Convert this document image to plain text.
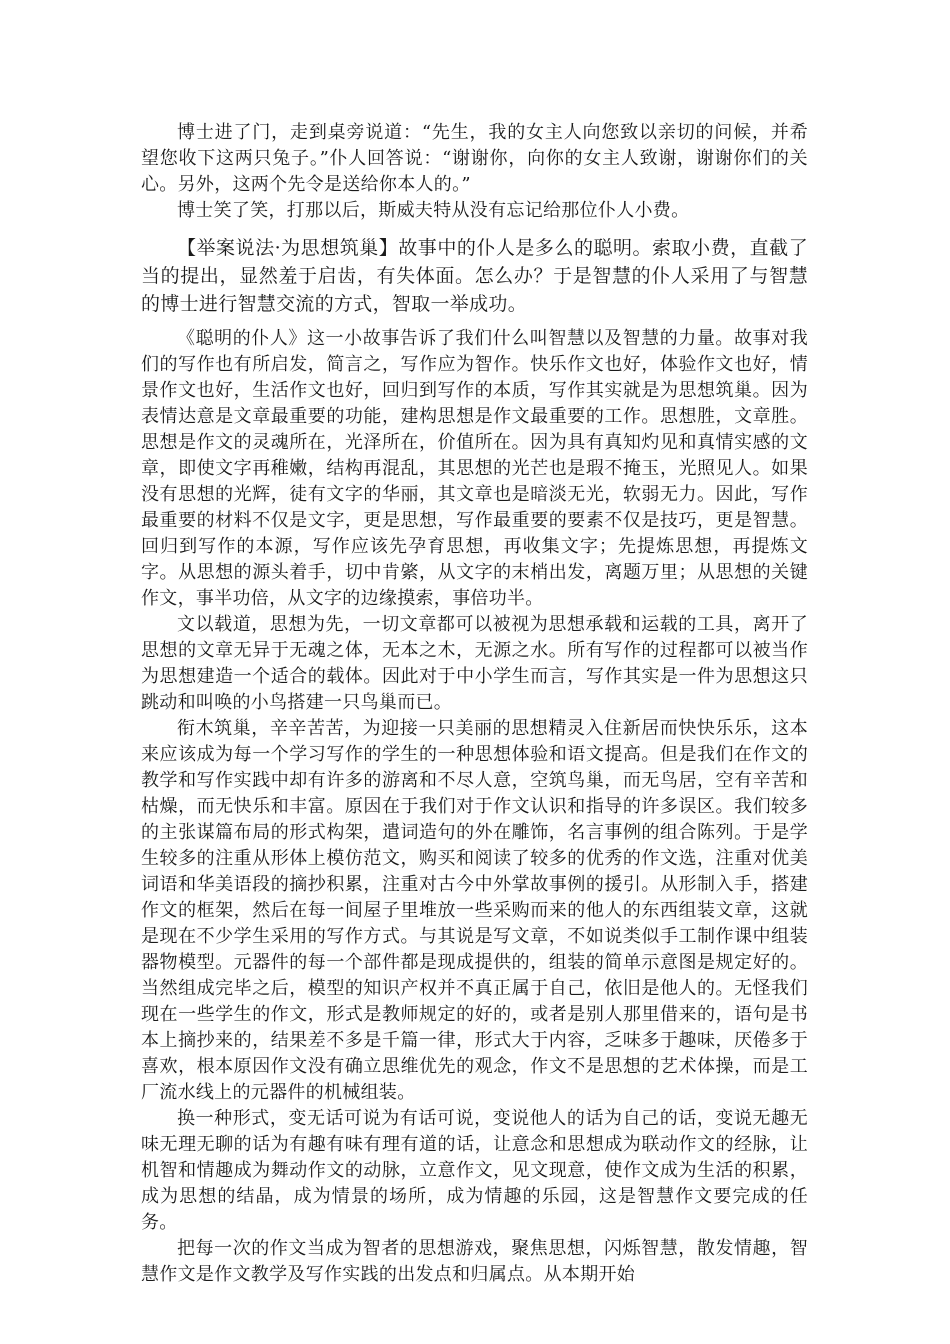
博士进了门，走到桌旁说道：“先生，我的女主人向您致以亲切的问候，并希望您收下这两只兔子。”仆人回答说：“谢谢你，向你的女主人致谢，谢谢你们的关心。另外，这两个先令是送给你本人的。”

博士笑了笑，打那以后，斯威夫特从没有忘记给那位仆人小费。

【举案说法·为思想筑巢】故事中的仆人是多么的聪明。索取小费，直截了当的提出，显然羞于启齿，有失体面。怎么办？于是智慧的仆人采用了与智慧的博士进行智慧交流的方式，智取一举成功。

《聪明的仆人》这一小故事告诉了我们什么叫智慧以及智慧的力量。故事对我们的写作也有所启发，简言之，写作应为智作。快乐作文也好，体验作文也好，情景作文也好，生活作文也好，回归到写作的本质，写作其实就是为思想筑巢。因为表情达意是文章最重要的功能，建构思想是作文最重要的工作。思想胜，文章胜。思想是作文的灵魂所在，光泽所在，价值所在。因为具有真知灼见和真情实感的文章，即使文字再稚嫩，结构再混乱，其思想的光芒也是瑕不掩玉，光照见人。如果没有思想的光辉，徒有文字的华丽，其文章也是暗淡无光，软弱无力。因此，写作最重要的材料不仅是文字，更是思想，写作最重要的要素不仅是技巧，更是智慧。回归到写作的本源，写作应该先孕育思想，再收集文字；先提炼思想，再提炼文字。从思想的源头着手，切中肯綮，从文字的末梢出发，离题万里；从思想的关键作文，事半功倍，从文字的边缘摸索，事倍功半。

文以载道，思想为先，一切文章都可以被视为思想承载和运载的工具，离开了思想的文章无异于无魂之体，无本之木，无源之水。所有写作的过程都可以被当作为思想建造一个适合的载体。因此对于中小学生而言，写作其实是一件为思想这只跳动和叫唤的小鸟搭建一只鸟巢而已。

衔木筑巢，辛辛苦苦，为迎接一只美丽的思想精灵入住新居而快快乐乐，这本来应该成为每一个学习写作的学生的一种思想体验和语文提高。但是我们在作文的教学和写作实践中却有许多的游离和不尽人意，空筑鸟巢，而无鸟居，空有辛苦和枯燥，而无快乐和丰富。原因在于我们对于作文认识和指导的许多误区。我们较多的主张谋篇布局的形式构架，遣词造句的外在雕饰，名言事例的组合陈列。于是学生较多的注重从形体上模仿范文，购买和阅读了较多的优秀的作文选，注重对优美词语和华美语段的摘抄积累，注重对古今中外掌故事例的援引。从形制入手，搭建作文的框架，然后在每一间屋子里堆放一些采购而来的他人的东西组装文章，这就是现在不少学生采用的写作方式。与其说是写文章，不如说类似手工制作课中组装器物模型。元器件的每一个部件都是现成提供的，组装的简单示意图是规定好的。当然组成完毕之后，模型的知识产权并不真正属于自己，依旧是他人的。无怪我们现在一些学生的作文，形式是教师规定的好的，或者是别人那里借来的，语句是书本上摘抄来的，结果差不多是千篇一律，形式大于内容，乏味多于趣味，厌倦多于喜欢，根本原因作文没有确立思维优先的观念，作文不是思想的艺术体操，而是工厂流水线上的元器件的机械组装。

换一种形式，变无话可说为有话可说，变说他人的话为自己的话，变说无趣无味无理无聊的话为有趣有味有理有道的话，让意念和思想成为联动作文的经脉，让机智和情趣成为舞动作文的动脉，立意作文，见文现意，使作文成为生活的积累，成为思想的结晶，成为情景的场所，成为情趣的乐园，这是智慧作文要完成的任务。

把每一次的作文当成为智者的思想游戏，聚焦思想，闪烁智慧，散发情趣，智慧作文是作文教学及写作实践的出发点和归属点。从本期开始
